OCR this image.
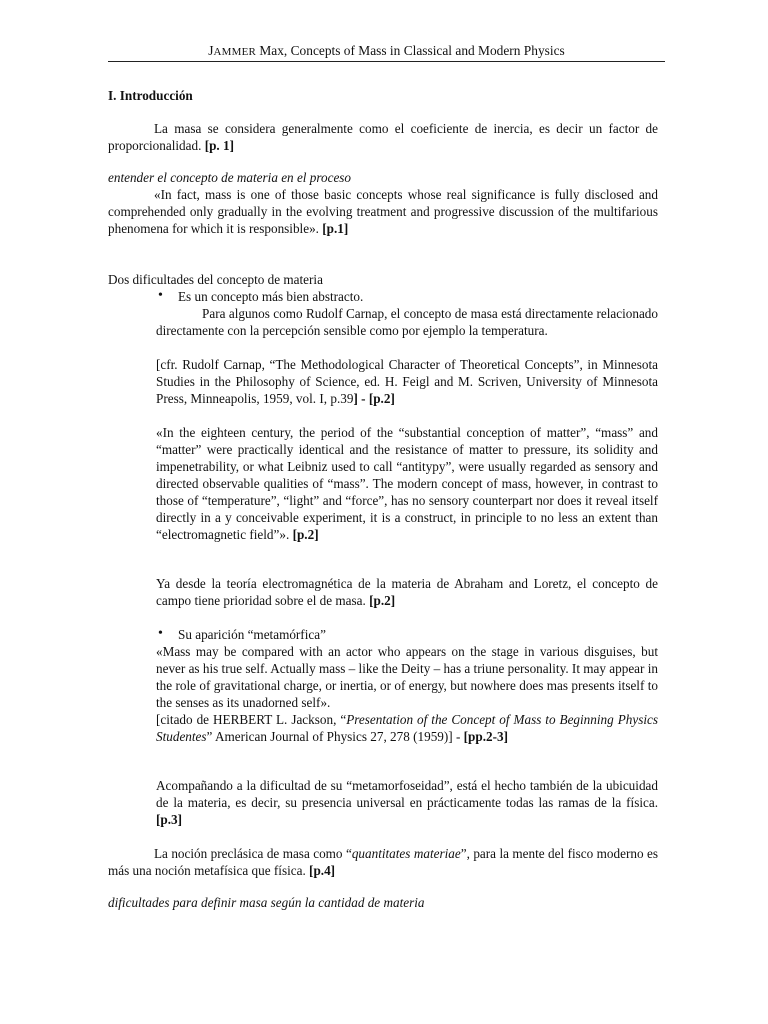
JAMMER Max, Concepts of Mass in Classical and Modern Physics
I. Introducción
La masa se considera generalmente como el coeficiente de inercia, es decir un factor de proporcionalidad. [p. 1]
entender el concepto de materia en el proceso
«In fact, mass is one of those basic concepts whose real significance is fully disclosed and comprehended only gradually in the evolving treatment and progressive discussion of the multifarious phenomena for which it is responsible». [p.1]
Dos dificultades del concepto de materia
• Es un concepto más bien abstracto.
Para algunos como Rudolf Carnap, el concepto de masa está directamente relacionado directamente con la percepción sensible como por ejemplo la temperatura.
[cfr. Rudolf Carnap, “The Methodological Character of Theoretical Concepts”, in Minnesota Studies in the Philosophy of Science, ed. H. Feigl and M. Scriven, University of Minnesota Press, Minneapolis, 1959, vol. I, p.39] - [p.2]
«In the eighteen century, the period of the “substantial conception of matter”, “mass” and “matter” were practically identical and the resistance of matter to pressure, its solidity and impenetrability, or what Leibniz used to call “antitypy”, were usually regarded as sensory and directed observable qualities of “mass”. The modern concept of mass, however, in contrast to those of “temperature”, “light” and “force”, has no sensory counterpart nor does it reveal itself directly in a y conceivable experiment, it is a construct, in principle to no less an extent than “electromagnetic field”». [p.2]
Ya desde la teoría electromagnética de la materia de Abraham and Loretz, el concepto de campo tiene prioridad sobre el de masa. [p.2]
• Su aparición “metamórfica”
«Mass may be compared with an actor who appears on the stage in various disguises, but never as his true self. Actually mass – like the Deity – has a triune personality. It may appear in the role of gravitational charge, or inertia, or of energy, but nowhere does mas presents itself to the senses as its unadorned self».
[citado de HERBERT L. Jackson, “Presentation of the Concept of Mass to Beginning Physics Studentes” American Journal of Physics 27, 278 (1959)] - [pp.2-3]
Acompañando a la dificultad de su “metamorfoseidad”, está el hecho también de la ubicuidad de la materia, es decir, su presencia universal en prácticamente todas las ramas de la física. [p.3]
La noción preclásica de masa como “quantitates materiae”, para la mente del fisco moderno es más una noción metafísica que física. [p.4]
dificultades para definir masa según la cantidad de materia
